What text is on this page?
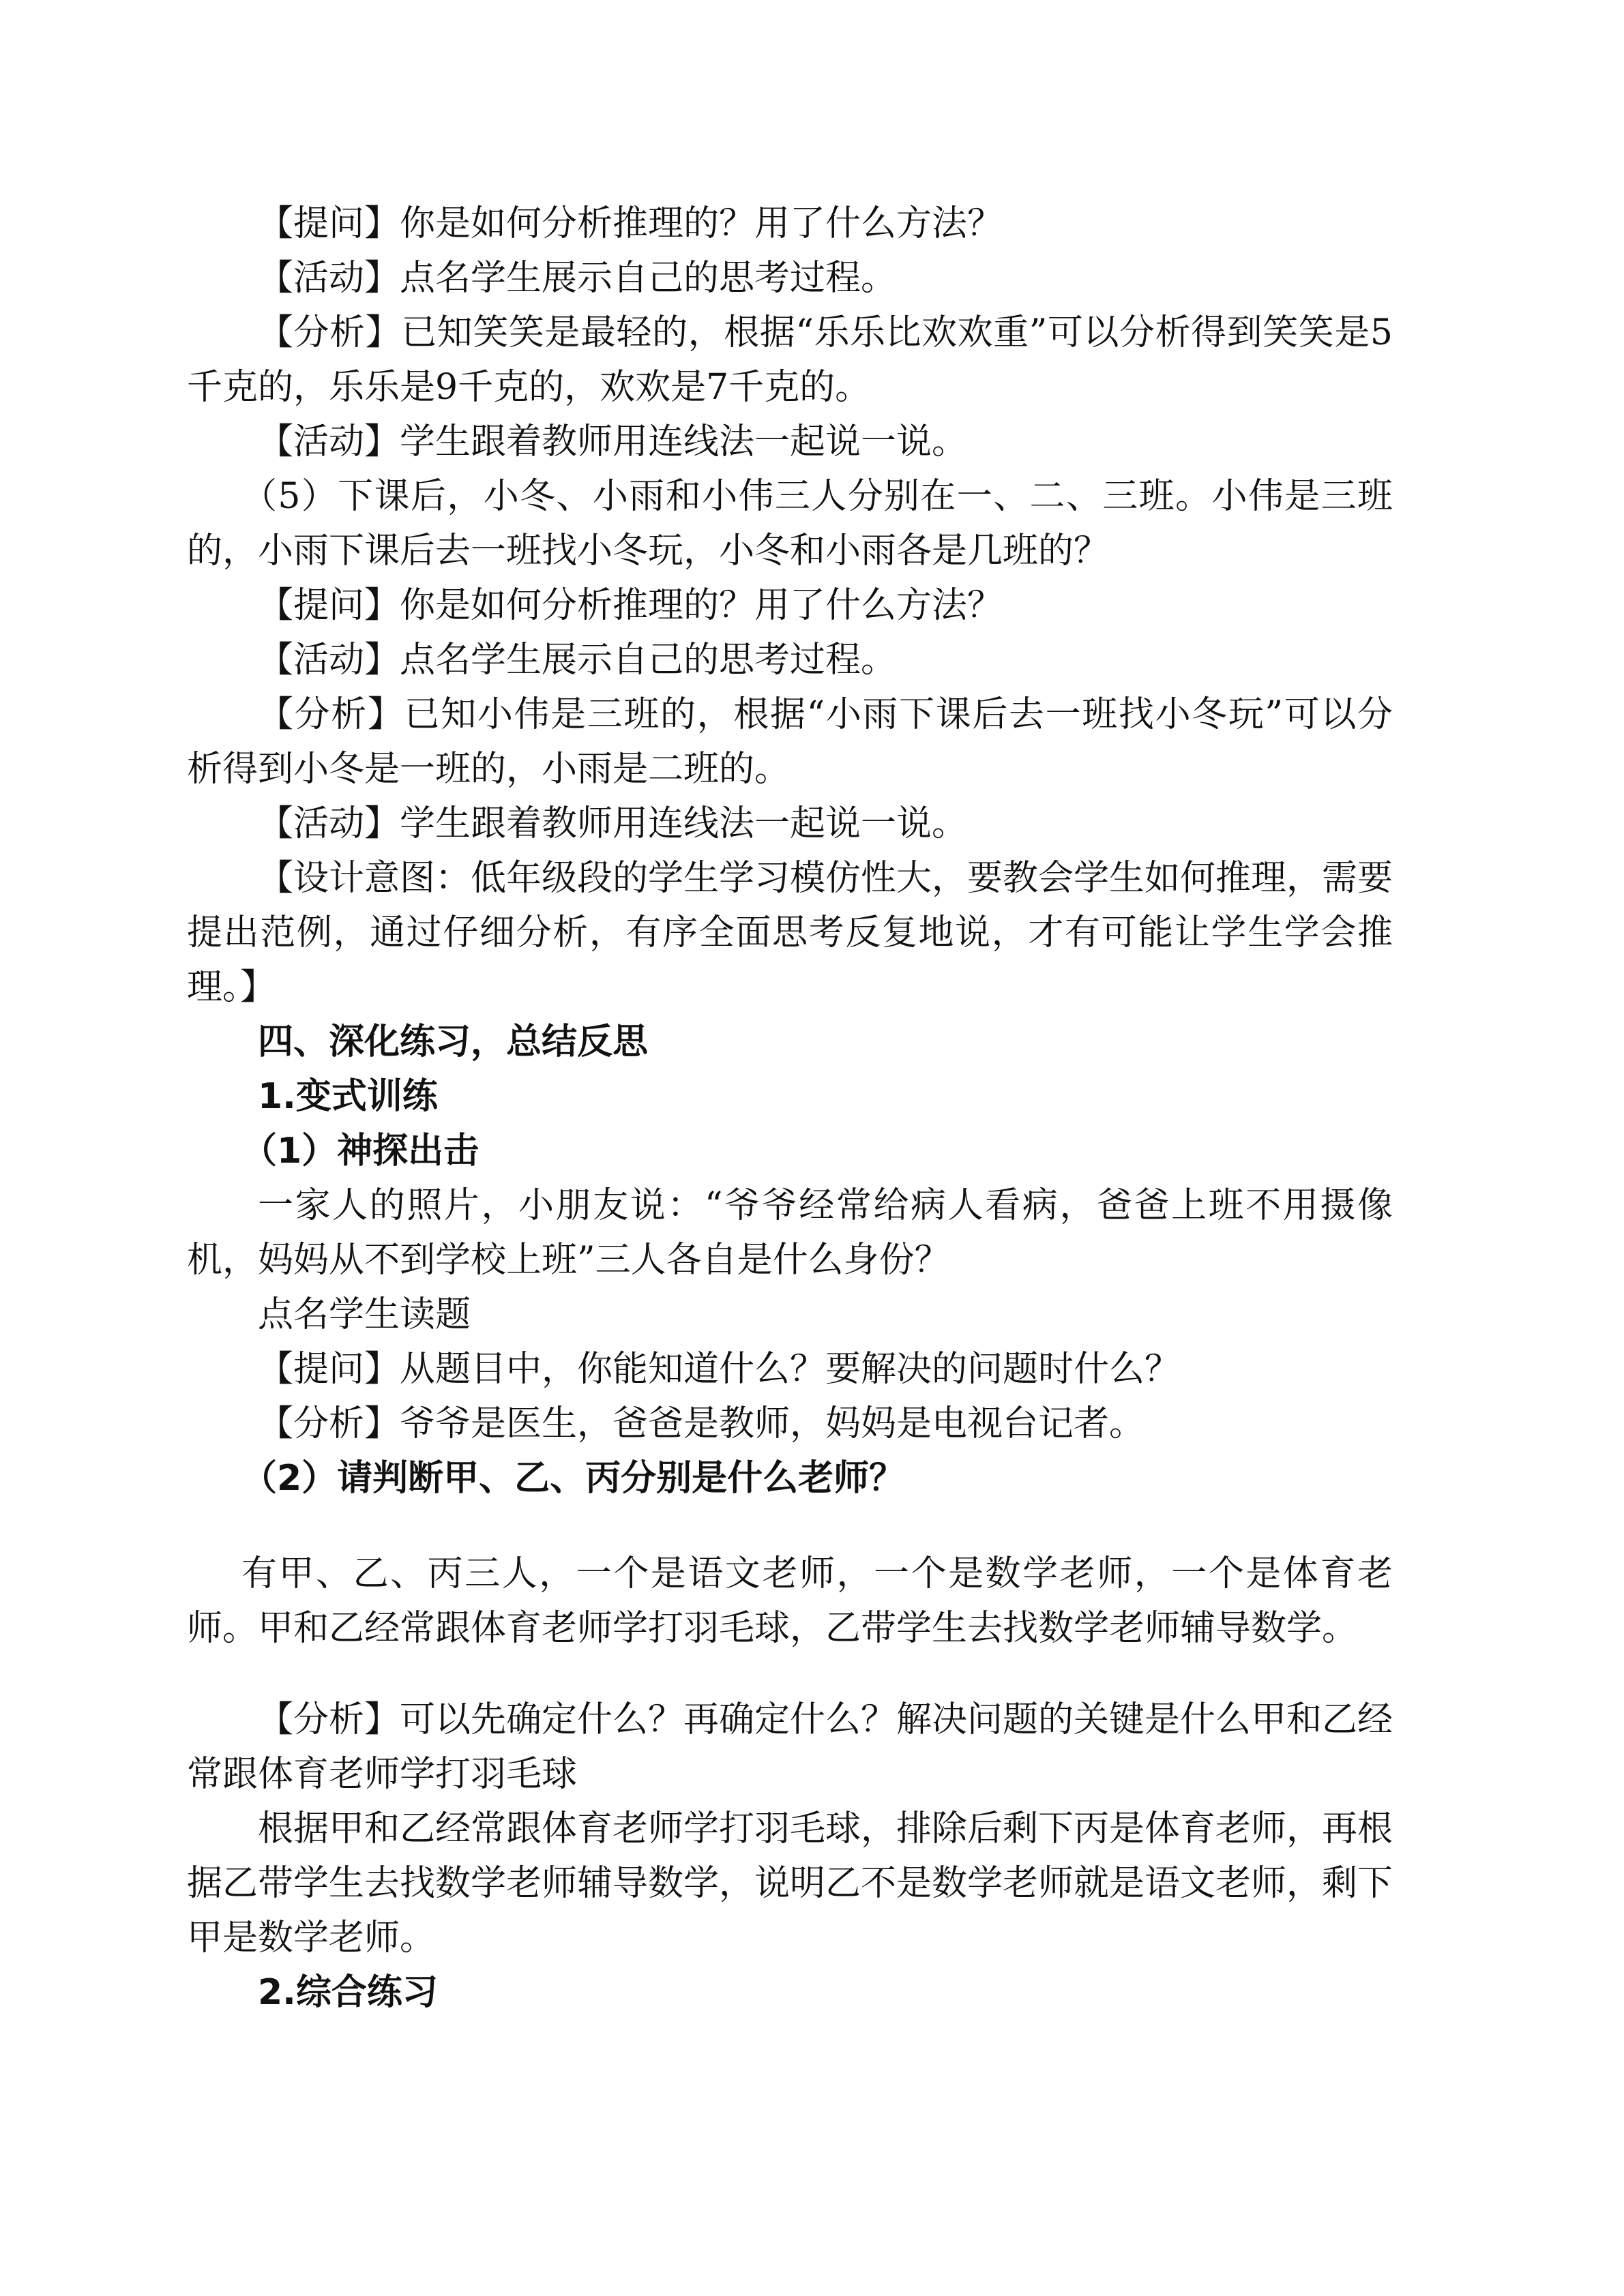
【提问】你是如何分析推理的？用了什么方法？

【活动】点名学生展示自己的思考过程。

【分析】已知笑笑是最轻的，根据“乐乐比欢欢重”可以分析得到笑笑是5千克的，乐乐是9千克的，欢欢是7千克的。

【活动】学生跟着教师用连线法一起说一说。

（5）下课后，小冬、小雨和小伟三人分别在一、二、三班。小伟是三班的，小雨下课后去一班找小冬玩，小冬和小雨各是几班的？

【提问】你是如何分析推理的？用了什么方法？

【活动】点名学生展示自己的思考过程。

【分析】已知小伟是三班的，根据“小雨下课后去一班找小冬玩”可以分析得到小冬是一班的，小雨是二班的。

【活动】学生跟着教师用连线法一起说一说。

【设计意图：低年级段的学生学习模仿性大，要教会学生如何推理，需要提出范例，通过仔细分析，有序全面思考反复地说，才有可能让学生学会推理。】

四、深化练习，总结反思

1.变式训练

（1）神探出击

一家人的照片，小朋友说：“爷爷经常给病人看病，爸爸上班不用摄像机，妈妈从不到学校上班”三人各自是什么身份？

点名学生读题

【提问】从题目中，你能知道什么？要解决的问题时什么？

【分析】爷爷是医生，爸爸是教师，妈妈是电视台记者。

（2）请判断甲、乙、丙分别是什么老师？

有甲、乙、丙三人，一个是语文老师，一个是数学老师，一个是体育老师。甲和乙经常跟体育老师学打羽毛球，乙带学生去找数学老师辅导数学。

【分析】可以先确定什么？再确定什么？解决问题的关键是什么甲和乙经常跟体育老师学打羽毛球

根据甲和乙经常跟体育老师学打羽毛球，排除后剩下丙是体育老师，再根据乙带学生去找数学老师辅导数学，说明乙不是数学老师就是语文老师，剩下甲是数学老师。

2.综合练习
